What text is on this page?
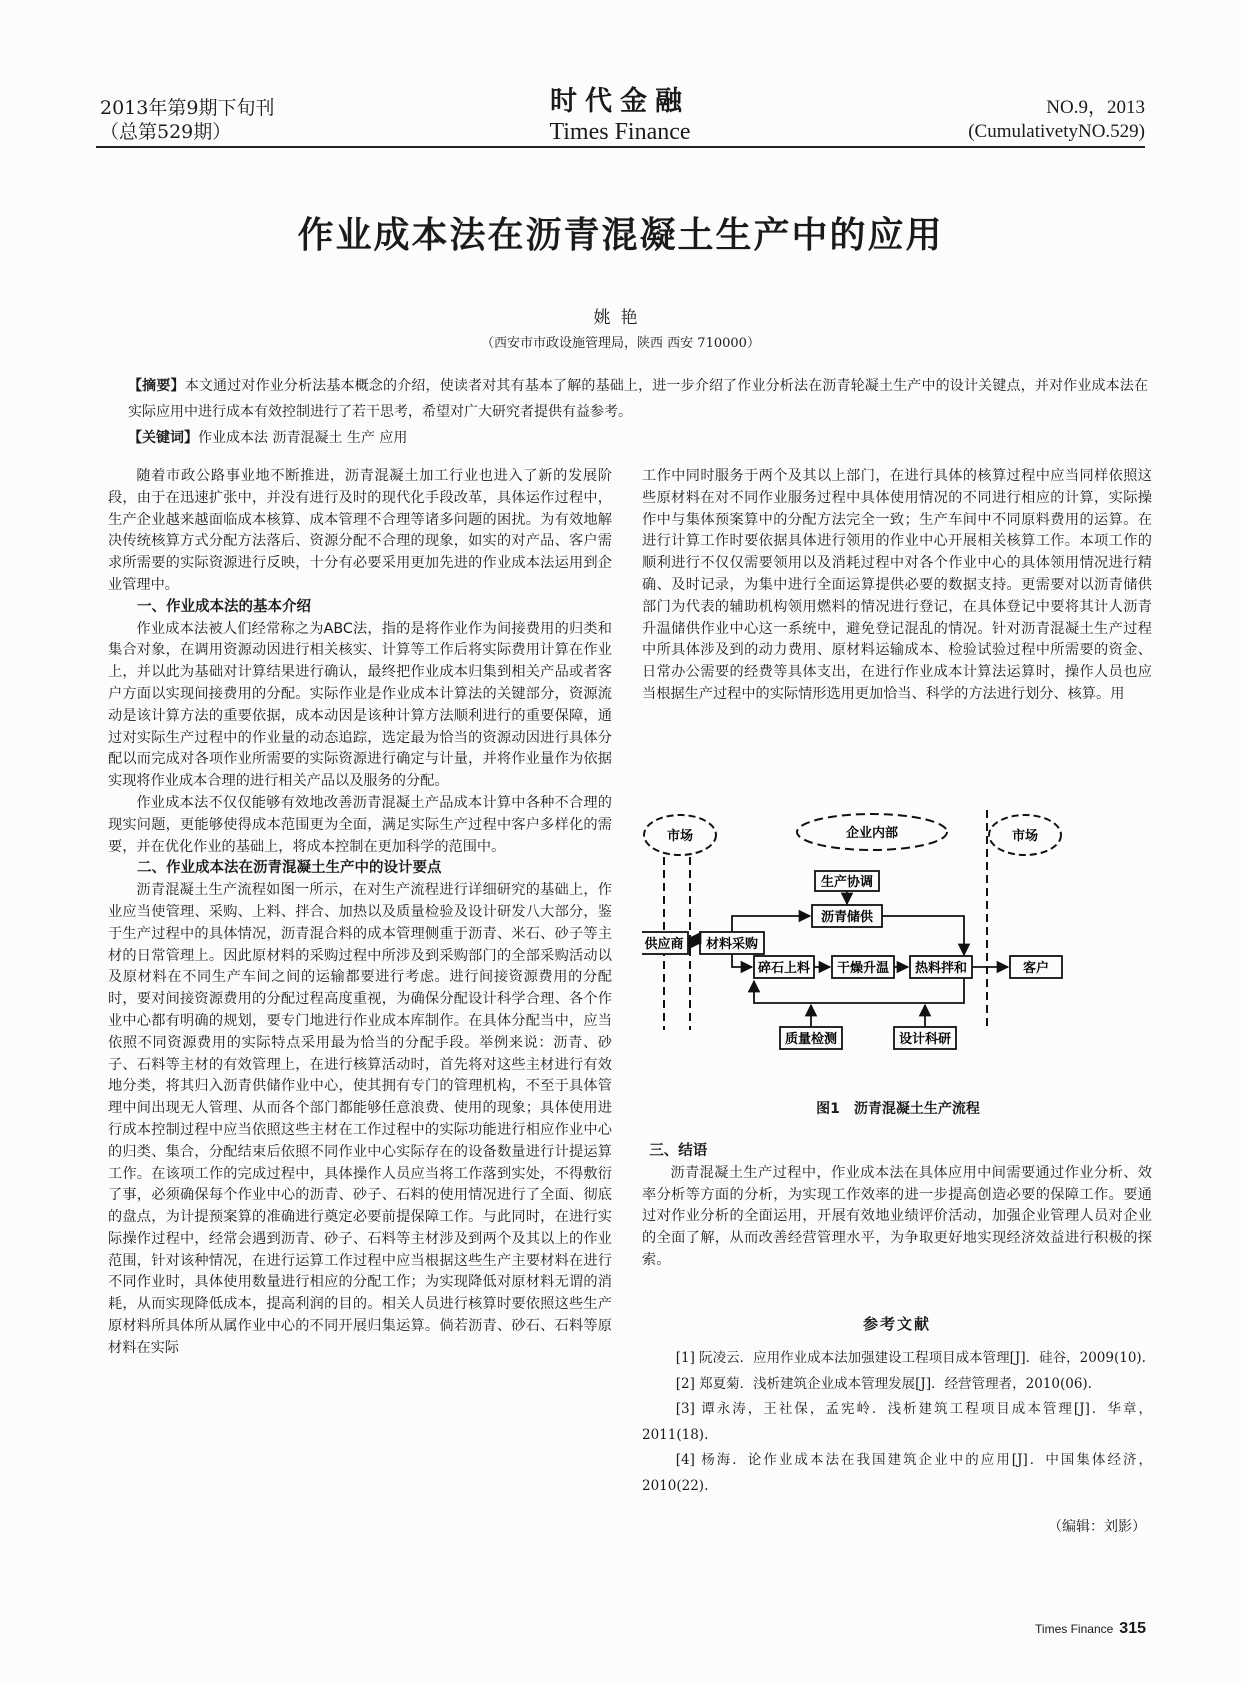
2013年第9期下旬刊
（总第529期）
时代金融
Times Finance
NO.9，2013
(CumulativetyNO.529)
作业成本法在沥青混凝土生产中的应用
姚艳
（西安市市政设施管理局，陕西 西安 710000）
【摘要】本文通过对作业分析法基本概念的介绍，使读者对其有基本了解的基础上，进一步介绍了作业分析法在沥青轮凝土生产中的设计关键点，并对作业成本法在实际应用中进行成本有效控制进行了若干思考，希望对广大研究者提供有益参考。
【关键词】作业成本法 沥青混凝土 生产 应用

随着市政公路事业地不断推进，沥青混凝土加工行业也进入了新的发展阶段，由于在迅速扩张中，并没有进行及时的现代化手段改革，具体运作过程中，生产企业越来越面临成本核算、成本管理不合理等诸多问题的困扰。为有效地解决传统核算方式分配方法落后、资源分配不合理的现象，如实的对产品、客户需求所需要的实际资源进行反映，十分有必要采用更加先进的作业成本法运用到企业管理中。

一、作业成本法的基本介绍

作业成本法被人们经常称之为ABC法，指的是将作业作为间接费用的归类和集合对象，在调用资源动因进行相关核实、计算等工作后将实际费用计算在作业上，并以此为基础对计算结果进行确认，最终把作业成本归集到相关产品或者客户方面以实现间接费用的分配。实际作业是作业成本计算法的关键部分，资源流动是该计算方法的重要依据，成本动因是该种计算方法顺利进行的重要保障，通过对实际生产过程中的作业量的动态追踪，选定最为恰当的资源动因进行具体分配以而完成对各项作业所需要的实际资源进行确定与计量，并将作业量作为依据实现将作业成本合理的进行相关产品以及服务的分配。

作业成本法不仅仅能够有效地改善沥青混凝土产品成本计算中各种不合理的现实问题，更能够使得成本范围更为全面，满足实际生产过程中客户多样化的需要，并在优化作业的基础上，将成本控制在更加科学的范围中。

二、作业成本法在沥青混凝土生产中的设计要点

沥青混凝土生产流程如图一所示，在对生产流程进行详细研究的基础上，作业应当使管理、采购、上料、拌合、加热以及质量检验及设计研发八大部分，鉴于生产过程中的具体情况，沥青混合料的成本管理侧重于沥青、米石、砂子等主材的日常管理上。因此原材料的采购过程中所涉及到采购部门的全部采购活动以及原材料在不同生产车间之间的运输都要进行考虑。进行间接资源费用的分配时，要对间接资源费用的分配过程高度重视，为确保分配设计科学合理、各个作业中心都有明确的规划，要专门地进行作业成本库制作。在具体分配当中，应当依照不同资源费用的实际特点采用最为恰当的分配手段。举例来说：沥青、砂子、石料等主材的有效管理上，在进行核算活动时，首先将对这些主材进行有效地分类，将其归入沥青供储作业中心，使其拥有专门的管理机构，不至于具体管理中间出现无人管理、从而各个部门都能够任意浪费、使用的现象；具体使用进行成本控制过程中应当依照这些主材在工作过程中的实际功能进行相应作业中心的归类、集合，分配结束后依照不同作业中心实际存在的设备数量进行计提运算工作。在该项工作的完成过程中，具体操作人员应当将工作落到实处，不得敷衍了事，必须确保每个作业中心的沥青、砂子、石料的使用情况进行了全面、彻底的盘点，为计提预案算的准确进行奠定必要前提保障工作。与此同时，在进行实际操作过程中，经常会遇到沥青、砂子、石料等主材涉及到两个及其以上的作业范围，针对该种情况，在进行运算工作过程中应当根据这些生产主要材料在进行不同作业时，具体使用数量进行相应的分配工作；为实现降低对原材料无谓的消耗，从而实现降低成本，提高利润的目的。相关人员进行核算时要依照这些生产原材料所具体所从属作业中心的不同开展归集运算。倘若沥青、砂石、石料等原材料在实际

工作中同时服务于两个及其以上部门，在进行具体的核算过程中应当同样依照这些原材料在对不同作业服务过程中具体使用情况的不同进行相应的计算，实际操作中与集体预案算中的分配方法完全一致；生产车间中不同原料费用的运算。在进行计算工作时要依据具体进行领用的作业中心开展相关核算工作。本项工作的顺利进行不仅仅需要领用以及消耗过程中对各个作业中心的具体领用情况进行精确、及时记录，为集中进行全面运算提供必要的数据支持。更需要对以沥青储供部门为代表的辅助机构领用燃料的情况进行登记，在具体登记中要将其计人沥青升温储供作业中心这一系统中，避免登记混乱的情况。针对沥青混凝土生产过程中所具体涉及到的动力费用、原材料运输成本、检验试验过程中所需要的资金、日常办公需要的经费等具体支出，在进行作业成本计算法运算时，操作人员也应当根据生产过程中的实际情形选用更加恰当、科学的方法进行划分、核算。用

市场	企业内部	市场
生产协调
沥青储供
供应商 材料采购
碎石上料 干燥升温 热料拌和	客户
质量检测	设计科研
图1　沥青混凝土生产流程
三、结语

沥青混凝土生产过程中，作业成本法在具体应用中间需要通过作业分析、效率分析等方面的分析，为实现工作效率的进一步提高创造必要的保障工作。要通过对作业分析的全面运用，开展有效地业绩评价活动，加强企业管理人员对企业的全面了解，从而改善经营管理水平，为争取更好地实现经济效益进行积极的探索。

参考文献

[1] 阮凌云．应用作业成本法加强建设工程项目成本管理[J]．硅谷，2009(10).

[2] 郑夏菊．浅析建筑企业成本管理发展[J]．经营管理者，2010(06).

[3] 谭永涛，王社保，孟宪岭．浅析建筑工程项目成本管理[J]．华章，2011(18).

[4] 杨海．论作业成本法在我国建筑企业中的应用[J]．中国集体经济，2010(22).

（编辑：刘影）
Times Finance 315
